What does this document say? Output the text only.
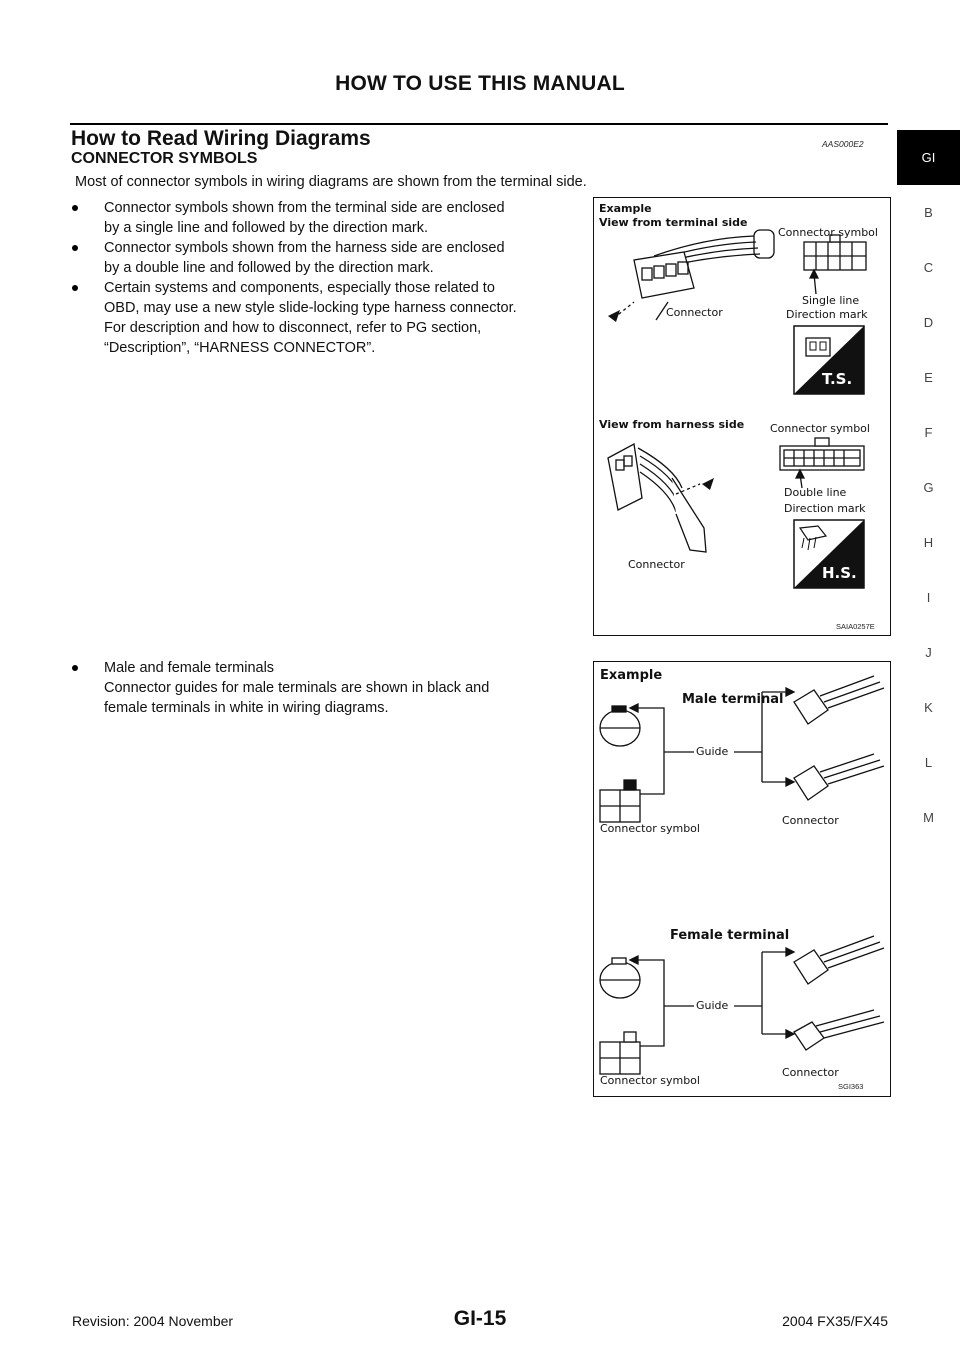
HOW TO USE THIS MANUAL
How to Read Wiring Diagrams	AAS000E2
CONNECTOR SYMBOLS
Most of connector symbols in wiring diagrams are shown from the terminal side.
Connector symbols shown from the terminal side are enclosed
by a single line and followed by the direction mark.
Connector symbols shown from the harness side are enclosed
by a double line and followed by the direction mark.
Certain systems and components, especially those related to
OBD, may use a new style slide-locking type harness connector.
For description and how to disconnect, refer to PG section,
“Description”, “HARNESS CONNECTOR”.
Male and female terminals
Connector guides for male terminals are shown in black and
female terminals in white in wiring diagrams.
GI
B
C
D
E
F
G
H
I
J
K
L
M
Example
View from terminal side
Connector symbol
Connector
Single line
Direction mark
T.S.
View from harness side Connector symbol
Double line
Direction mark
H.S.
Connector
SAIA0257E
Example
Male terminal
Guide
Connector symbol
Connector
Female terminal
Guide
Connector symbol
Connector
SGI363
Revision: 2004 November	GI-15	2004 FX35/FX45
